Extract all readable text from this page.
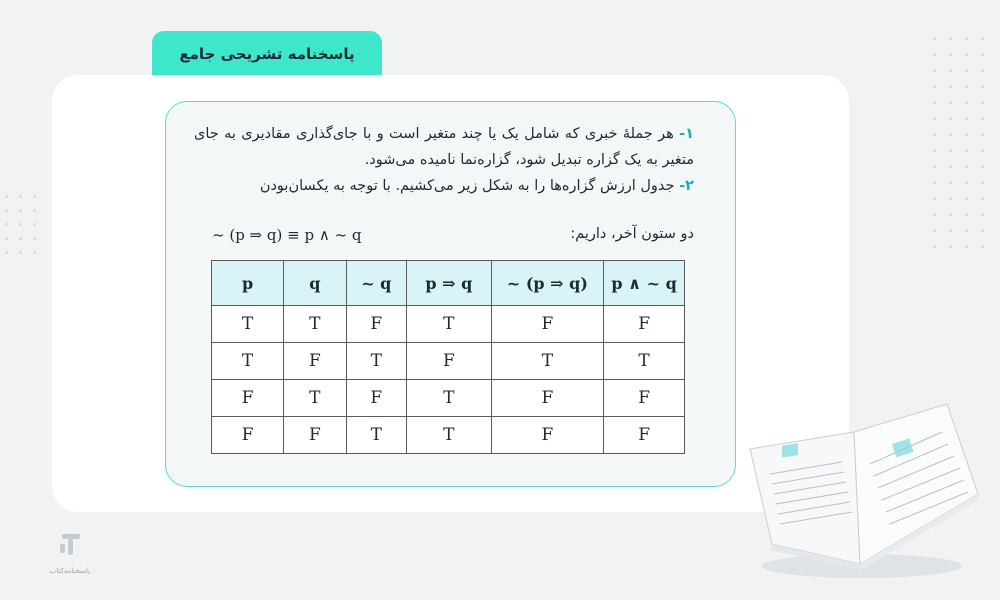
پاسخنامه تشریحی جامع

۱- هر جملهٔ خبری که شامل یک یا چند متغیر است و با جای‌گذاری مقادیری به جای متغیر به یک گزاره تبدیل شود، گزاره‌نما نامیده می‌شود.

۲- جدول ارزش گزاره‌ها را به شکل زیر می‌کشیم. با توجه به یکسان‌بودن

دو ستون آخر، داریم:
~ (p ⇒ q) ≡ p ∧ ~ q
p	q	~ q	p ⇒ q	~ (p ⇒ q)	p ∧ ~ q
T	T	F	T	F	F
T	F	T	F	T	T
F	T	F	T	F	F
F	F	T	T	F	F
پاسخنامه‌کتاب
